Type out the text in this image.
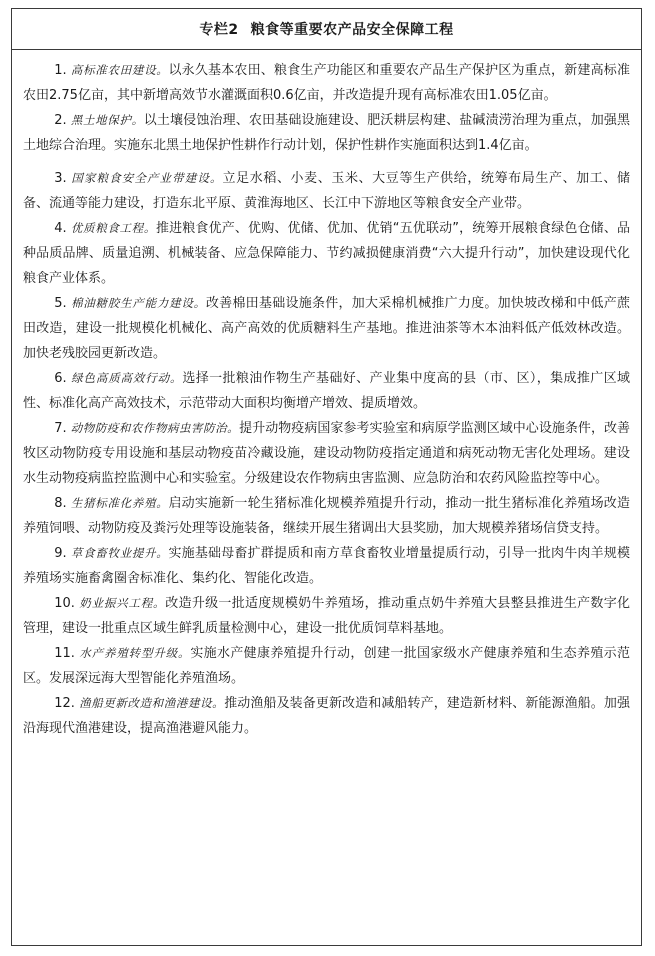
专栏2 粮食等重要农产品安全保障工程

1. 高标准农田建设。以永久基本农田、粮食生产功能区和重要农产品生产保护区为重点，新建高标准农田2.75亿亩，其中新增高效节水灌溉面积0.6亿亩，并改造提升现有高标准农田1.05亿亩。

2. 黑土地保护。以土壤侵蚀治理、农田基础设施建设、肥沃耕层构建、盐碱渍涝治理为重点，加强黑土地综合治理。实施东北黑土地保护性耕作行动计划，保护性耕作实施面积达到1.4亿亩。

3. 国家粮食安全产业带建设。立足水稻、小麦、玉米、大豆等生产供给，统筹布局生产、加工、储备、流通等能力建设，打造东北平原、黄淮海地区、长江中下游地区等粮食安全产业带。

4. 优质粮食工程。推进粮食优产、优购、优储、优加、优销“五优联动”，统筹开展粮食绿色仓储、品种品质品牌、质量追溯、机械装备、应急保障能力、节约减损健康消费“六大提升行动”，加快建设现代化粮食产业体系。

5. 棉油糖胶生产能力建设。改善棉田基础设施条件，加大采棉机械推广力度。加快坡改梯和中低产蔗田改造，建设一批规模化机械化、高产高效的优质糖料生产基地。推进油茶等木本油料低产低效林改造。加快老残胶园更新改造。

6. 绿色高质高效行动。选择一批粮油作物生产基础好、产业集中度高的县（市、区），集成推广区域性、标准化高产高效技术，示范带动大面积均衡增产增效、提质增效。

7. 动物防疫和农作物病虫害防治。提升动物疫病国家参考实验室和病原学监测区域中心设施条件，改善牧区动物防疫专用设施和基层动物疫苗冷藏设施，建设动物防疫指定通道和病死动物无害化处理场。建设水生动物疫病监控监测中心和实验室。分级建设农作物病虫害监测、应急防治和农药风险监控等中心。

8. 生猪标准化养殖。启动实施新一轮生猪标准化规模养殖提升行动，推动一批生猪标准化养殖场改造养殖饲喂、动物防疫及粪污处理等设施装备，继续开展生猪调出大县奖励，加大规模养猪场信贷支持。

9. 草食畜牧业提升。实施基础母畜扩群提质和南方草食畜牧业增量提质行动，引导一批肉牛肉羊规模养殖场实施畜禽圈舍标准化、集约化、智能化改造。

10. 奶业振兴工程。改造升级一批适度规模奶牛养殖场，推动重点奶牛养殖大县整县推进生产数字化管理，建设一批重点区域生鲜乳质量检测中心，建设一批优质饲草料基地。

11. 水产养殖转型升级。实施水产健康养殖提升行动，创建一批国家级水产健康养殖和生态养殖示范区。发展深远海大型智能化养殖渔场。

12. 渔船更新改造和渔港建设。推动渔船及装备更新改造和减船转产，建造新材料、新能源渔船。加强沿海现代渔港建设，提高渔港避风能力。
